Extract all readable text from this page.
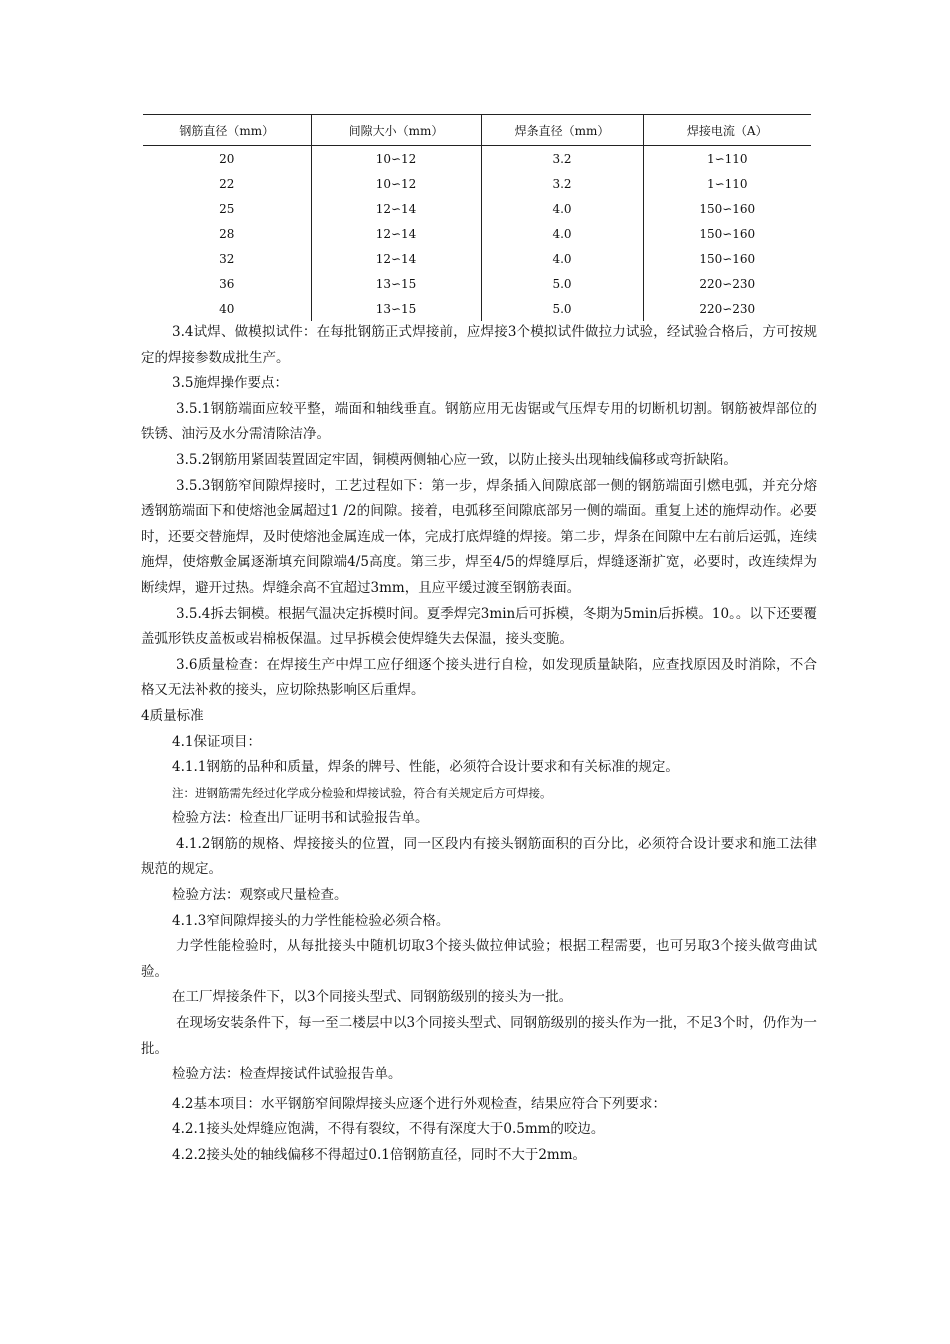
钢筋直径（mm）	间隙大小（mm）	焊条直径（mm）	焊接电流（A）
20	10∽12	3.2	1∽110
22	10∽12	3.2	1∽110
25	12∽14	4.0	150∽160
28	12∽14	4.0	150∽160
32	12∽14	4.0	150∽160
36	13∽15	5.0	220∽230
40	13∽15	5.0	220∽230

3.4试焊、做模拟试件：在每批钢筋正式焊接前，应焊接3个模拟试件做拉力试验，经试验合格后，方可按规定的焊接参数成批生产。

3.5施焊操作要点：

3.5.1钢筋端面应较平整，端面和轴线垂直。钢筋应用无齿锯或气压焊专用的切断机切割。钢筋被焊部位的铁锈、油污及水分需清除洁净。

3.5.2钢筋用紧固装置固定牢固，铜模两侧轴心应一致，以防止接头出现轴线偏移或弯折缺陷。

3.5.3钢筋窄间隙焊接时，工艺过程如下：第一步，焊条插入间隙底部一侧的钢筋端面引燃电弧，并充分熔透钢筋端面下和使熔池金属超过1 /2的间隙。接着，电弧移至间隙底部另一侧的端面。重复上述的施焊动作。必要时，还要交替施焊，及时使熔池金属连成一体，完成打底焊缝的焊接。第二步，焊条在间隙中左右前后运弧，连续施焊，使熔敷金属逐渐填充间隙端4/5高度。第三步，焊至4/5的焊缝厚后，焊缝逐渐扩宽，必要时，改连续焊为断续焊，避开过热。焊缝余高不宜超过3mm，且应平缓过渡至钢筋表面。

3.5.4拆去铜模。根据气温决定拆模时间。夏季焊完3min后可拆模，冬期为5min后拆模。10。。以下还要覆盖弧形铁皮盖板或岩棉板保温。过早拆模会使焊缝失去保温，接头变脆。

3.6质量检查：在焊接生产中焊工应仔细逐个接头进行自检，如发现质量缺陷，应查找原因及时消除，不合格又无法补救的接头，应切除热影响区后重焊。

4质量标准

4.1保证项目：

4.1.1钢筋的品种和质量，焊条的牌号、性能，必须符合设计要求和有关标准的规定。

注：进钢筋需先经过化学成分检验和焊接试验，符合有关规定后方可焊接。

检验方法：检查出厂证明书和试验报告单。

4.1.2钢筋的规格、焊接接头的位置，同一区段内有接头钢筋面积的百分比，必须符合设计要求和施工法律规范的规定。

检验方法：观察或尺量检查。

4.1.3窄间隙焊接头的力学性能检验必须合格。

力学性能检验时，从每批接头中随机切取3个接头做拉伸试验；根据工程需要，也可另取3个接头做弯曲试验。

在工厂焊接条件下，以3个同接头型式、同钢筋级别的接头为一批。

在现场安装条件下，每一至二楼层中以3个同接头型式、同钢筋级别的接头作为一批，不足3个时，仍作为一批。

检验方法：检查焊接试件试验报告单。

4.2基本项目：水平钢筋窄间隙焊接头应逐个进行外观检查，结果应符合下列要求：

4.2.1接头处焊缝应饱满，不得有裂纹，不得有深度大于0.5mm的咬边。

4.2.2接头处的轴线偏移不得超过0.1倍钢筋直径，同时不大于2mm。
